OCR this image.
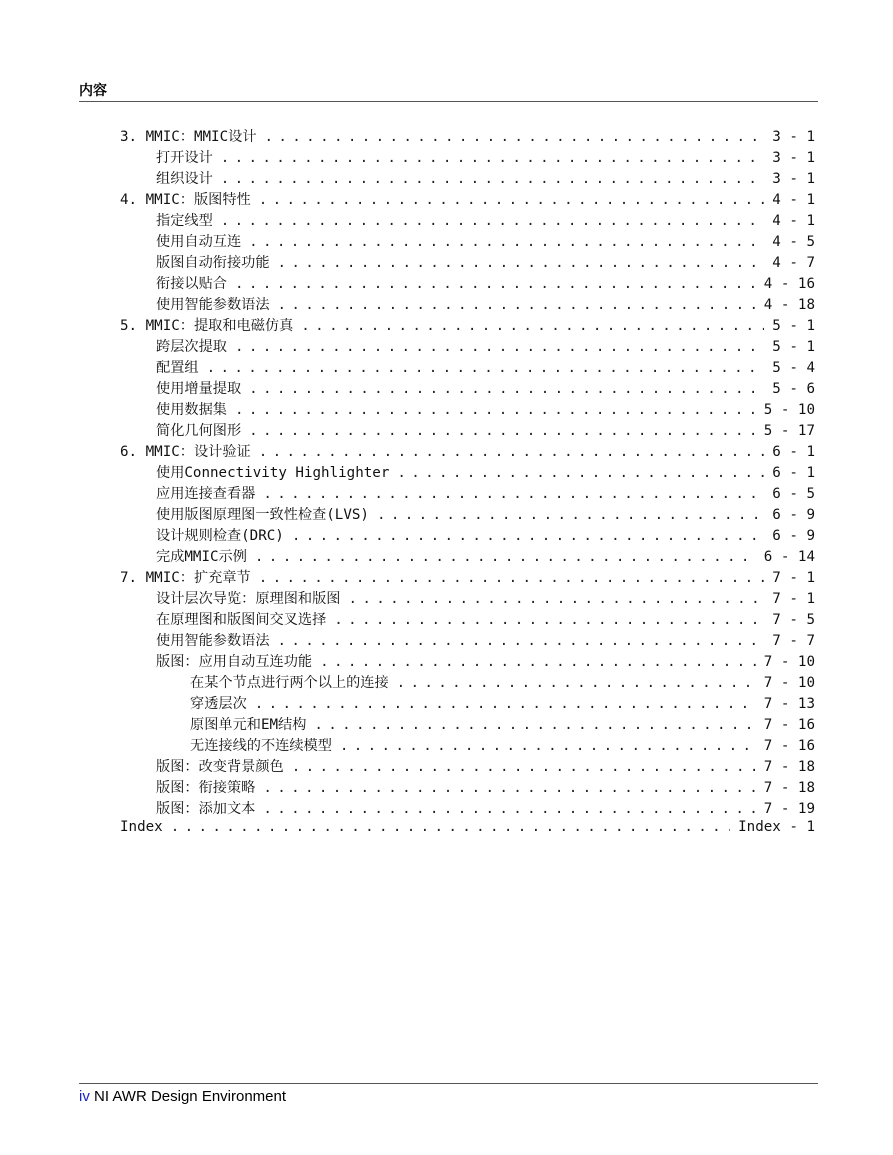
内容
3. MMIC：MMIC设计 . . .	3 - 1
打开设计 . . .	3 - 1
组织设计 . . .	3 - 1
4. MMIC：版图特性 . . .	4 - 1
指定线型 . . .	4 - 1
使用自动互连 . . .	4 - 5
版图自动衔接功能 . . .	4 - 7
衔接以贴合 . . .	4 - 16
使用智能参数语法 . . .	4 - 18
5. MMIC：提取和电磁仿真 . . .	5 - 1
跨层次提取 . . .	5 - 1
配置组 . . .	5 - 4
使用增量提取 . . .	5 - 6
使用数据集 . . .	5 - 10
简化几何图形 . . .	5 - 17
6. MMIC：设计验证 . . .	6 - 1
使用Connectivity Highlighter . . .	6 - 1
应用连接查看器 . . .	6 - 5
使用版图原理图一致性检查(LVS) . . .	6 - 9
设计规则检查(DRC) . . .	6 - 9
完成MMIC示例 . . .	6 - 14
7. MMIC：扩充章节 . . .	7 - 1
设计层次导览：原理图和版图 . . .	7 - 1
在原理图和版图间交叉选择 . . .	7 - 5
使用智能参数语法 . . .	7 - 7
版图：应用自动互连功能 . . .	7 - 10
在某个节点进行两个以上的连接 . . .	7 - 10
穿透层次 . . .	7 - 13
原图单元和EM结构 . . .	7 - 16
无连接线的不连续模型 . . .	7 - 16
版图：改变背景颜色 . . .	7 - 18
版图：衔接策略 . . .	7 - 18
版图：添加文本 . . .	7 - 19
Index . . .	Index - 1
iv NI AWR Design Environment
